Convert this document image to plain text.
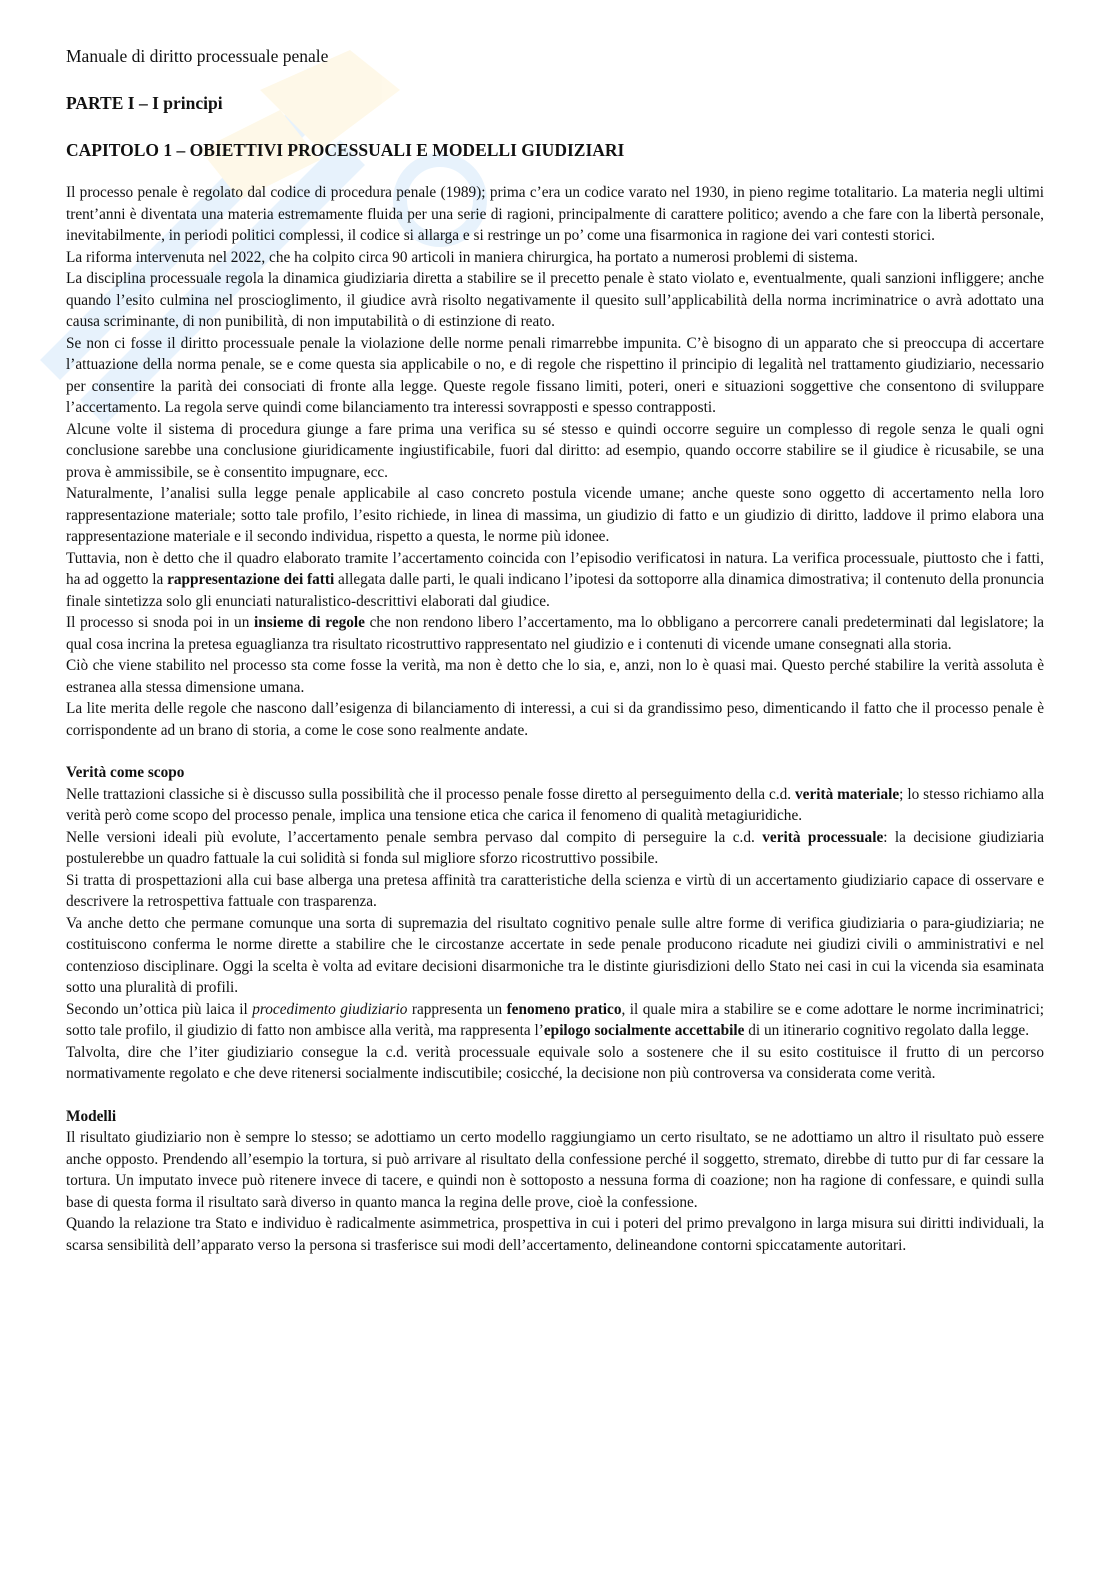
Manuale di diritto processuale penale
PARTE I – I principi
CAPITOLO 1 – OBIETTIVI PROCESSUALI E MODELLI GIUDIZIARI

Il processo penale è regolato dal codice di procedura penale (1989); prima c’era un codice varato nel 1930, in pieno regime totalitario. La materia negli ultimi trent’anni è diventata una materia estremamente fluida per una serie di ragioni, principalmente di carattere politico; avendo a che fare con la libertà personale, inevitabilmente, in periodi politici complessi, il codice si allarga e si restringe un po’ come una fisarmonica in ragione dei vari contesti storici.

La riforma intervenuta nel 2022, che ha colpito circa 90 articoli in maniera chirurgica, ha portato a numerosi problemi di sistema.

La disciplina processuale regola la dinamica giudiziaria diretta a stabilire se il precetto penale è stato violato e, eventualmente, quali sanzioni infliggere; anche quando l’esito culmina nel proscioglimento, il giudice avrà risolto negativamente il quesito sull’applicabilità della norma incriminatrice o avrà adottato una causa scriminante, di non punibilità, di non imputabilità o di estinzione di reato.

Se non ci fosse il diritto processuale penale la violazione delle norme penali rimarrebbe impunita. C’è bisogno di un apparato che si preoccupa di accertare l’attuazione della norma penale, se e come questa sia applicabile o no, e di regole che rispettino il principio di legalità nel trattamento giudiziario, necessario per consentire la parità dei consociati di fronte alla legge. Queste regole fissano limiti, poteri, oneri e situazioni soggettive che consentono di sviluppare l’accertamento. La regola serve quindi come bilanciamento tra interessi sovrapposti e spesso contrapposti.

Alcune volte il sistema di procedura giunge a fare prima una verifica su sé stesso e quindi occorre seguire un complesso di regole senza le quali ogni conclusione sarebbe una conclusione giuridicamente ingiustificabile, fuori dal diritto: ad esempio, quando occorre stabilire se il giudice è ricusabile, se una prova è ammissibile, se è consentito impugnare, ecc.

Naturalmente, l’analisi sulla legge penale applicabile al caso concreto postula vicende umane; anche queste sono oggetto di accertamento nella loro rappresentazione materiale; sotto tale profilo, l’esito richiede, in linea di massima, un giudizio di fatto e un giudizio di diritto, laddove il primo elabora una rappresentazione materiale e il secondo individua, rispetto a questa, le norme più idonee.

Tuttavia, non è detto che il quadro elaborato tramite l’accertamento coincida con l’episodio verificatosi in natura. La verifica processuale, piuttosto che i fatti, ha ad oggetto la rappresentazione dei fatti allegata dalle parti, le quali indicano l’ipotesi da sottoporre alla dinamica dimostrativa; il contenuto della pronuncia finale sintetizza solo gli enunciati naturalistico-descrittivi elaborati dal giudice.

Il processo si snoda poi in un insieme di regole che non rendono libero l’accertamento, ma lo obbligano a percorrere canali predeterminati dal legislatore; la qual cosa incrina la pretesa eguaglianza tra risultato ricostruttivo rappresentato nel giudizio e i contenuti di vicende umane consegnati alla storia.

Ciò che viene stabilito nel processo sta come fosse la verità, ma non è detto che lo sia, e, anzi, non lo è quasi mai. Questo perché stabilire la verità assoluta è estranea alla stessa dimensione umana.

La lite merita delle regole che nascono dall’esigenza di bilanciamento di interessi, a cui si da grandissimo peso, dimenticando il fatto che il processo penale è corrispondente ad un brano di storia, a come le cose sono realmente andate.

Verità come scopo

Nelle trattazioni classiche si è discusso sulla possibilità che il processo penale fosse diretto al perseguimento della c.d. verità materiale; lo stesso richiamo alla verità però come scopo del processo penale, implica una tensione etica che carica il fenomeno di qualità metagiuridiche.

Nelle versioni ideali più evolute, l’accertamento penale sembra pervaso dal compito di perseguire la c.d. verità processuale: la decisione giudiziaria postulerebbe un quadro fattuale la cui solidità si fonda sul migliore sforzo ricostruttivo possibile.

Si tratta di prospettazioni alla cui base alberga una pretesa affinità tra caratteristiche della scienza e virtù di un accertamento giudiziario capace di osservare e descrivere la retrospettiva fattuale con trasparenza.

Va anche detto che permane comunque una sorta di supremazia del risultato cognitivo penale sulle altre forme di verifica giudiziaria o para-giudiziaria; ne costituiscono conferma le norme dirette a stabilire che le circostanze accertate in sede penale producono ricadute nei giudizi civili o amministrativi e nel contenzioso disciplinare. Oggi la scelta è volta ad evitare decisioni disarmoniche tra le distinte giurisdizioni dello Stato nei casi in cui la vicenda sia esaminata sotto una pluralità di profili.

Secondo un’ottica più laica il procedimento giudiziario rappresenta un fenomeno pratico, il quale mira a stabilire se e come adottare le norme incriminatrici; sotto tale profilo, il giudizio di fatto non ambisce alla verità, ma rappresenta l’epilogo socialmente accettabile di un itinerario cognitivo regolato dalla legge.

Talvolta, dire che l’iter giudiziario consegue la c.d. verità processuale equivale solo a sostenere che il su esito costituisce il frutto di un percorso normativamente regolato e che deve ritenersi socialmente indiscutibile; cosicché, la decisione non più controversa va considerata come verità.

Modelli

Il risultato giudiziario non è sempre lo stesso; se adottiamo un certo modello raggiungiamo un certo risultato, se ne adottiamo un altro il risultato può essere anche opposto. Prendendo all’esempio la tortura, si può arrivare al risultato della confessione perché il soggetto, stremato, direbbe di tutto pur di far cessare la tortura. Un imputato invece può ritenere invece di tacere, e quindi non è sottoposto a nessuna forma di coazione; non ha ragione di confessare, e quindi sulla base di questa forma il risultato sarà diverso in quanto manca la regina delle prove, cioè la confessione.

Quando la relazione tra Stato e individuo è radicalmente asimmetrica, prospettiva in cui i poteri del primo prevalgono in larga misura sui diritti individuali, la scarsa sensibilità dell’apparato verso la persona si trasferisce sui modi dell’accertamento, delineandone contorni spiccatamente autoritari.
